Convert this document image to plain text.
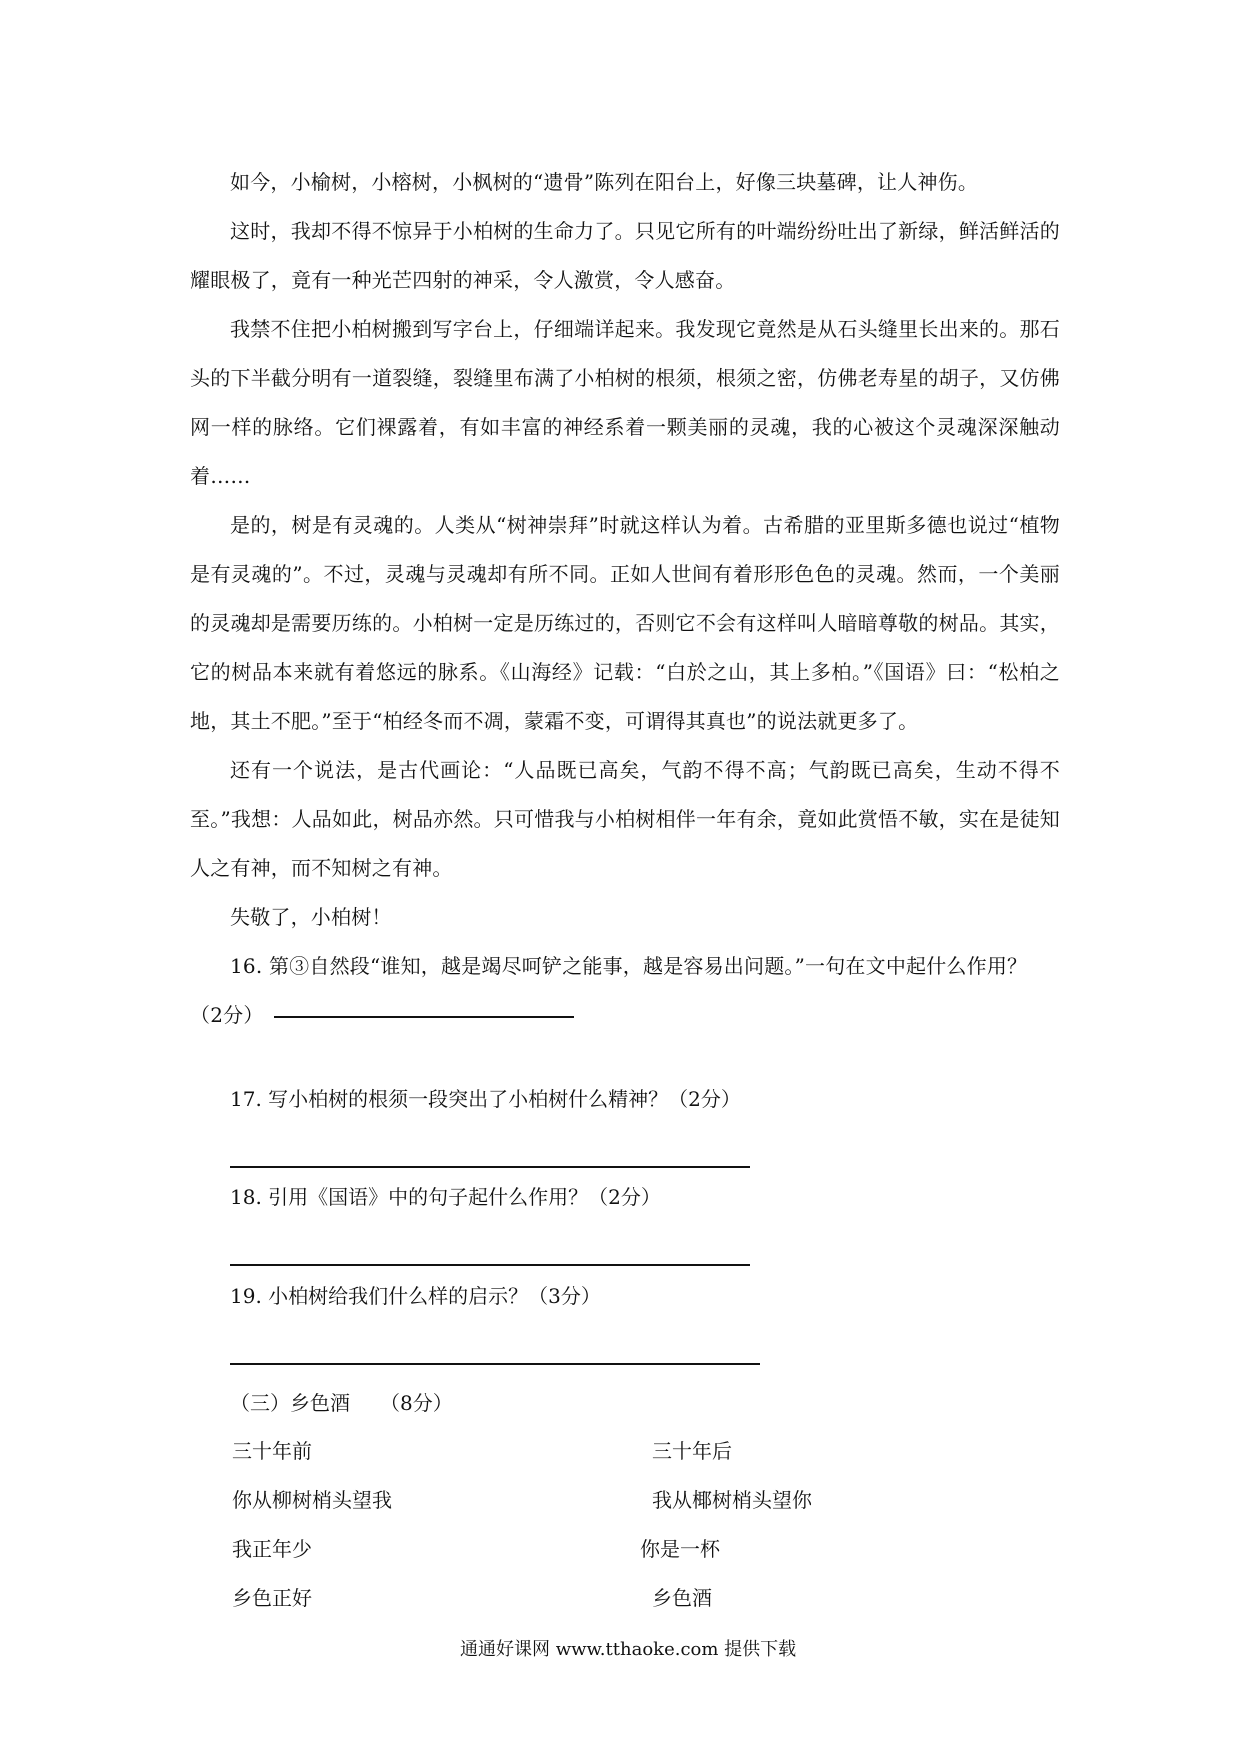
如今，小榆树，小榕树，小枫树的“遗骨”陈列在阳台上，好像三块墓碑，让人神伤。

这时，我却不得不惊异于小柏树的生命力了。只见它所有的叶端纷纷吐出了新绿，鲜活鲜活的耀眼极了，竟有一种光芒四射的神采，令人激赏，令人感奋。

我禁不住把小柏树搬到写字台上，仔细端详起来。我发现它竟然是从石头缝里长出来的。那石头的下半截分明有一道裂缝，裂缝里布满了小柏树的根须，根须之密，仿佛老寿星的胡子，又仿佛网一样的脉络。它们裸露着，有如丰富的神经系着一颗美丽的灵魂，我的心被这个灵魂深深触动着……

是的，树是有灵魂的。人类从“树神崇拜”时就这样认为着。古希腊的亚里斯多德也说过“植物是有灵魂的”。不过，灵魂与灵魂却有所不同。正如人世间有着形形色色的灵魂。然而，一个美丽的灵魂却是需要历练的。小柏树一定是历练过的，否则它不会有这样叫人暗暗尊敬的树品。其实，它的树品本来就有着悠远的脉系。《山海经》记载：“白於之山，其上多柏。”《国语》曰：“松柏之地，其土不肥。”至于“柏经冬而不凋，蒙霜不变，可谓得其真也”的说法就更多了。

还有一个说法，是古代画论：“人品既已高矣，气韵不得不高；气韵既已高矣，生动不得不至。”我想：人品如此，树品亦然。只可惜我与小柏树相伴一年有余，竟如此赏悟不敏，实在是徒知人之有神，而不知树之有神。

失敬了，小柏树！

16. 第③自然段“谁知，越是竭尽呵铲之能事，越是容易出问题。”一句在文中起什么作用？（2分）

17. 写小柏树的根须一段突出了小柏树什么精神？（2分）
18. 引用《国语》中的句子起什么作用？（2分）
19. 小柏树给我们什么样的启示？（3分）
（三）乡色酒　　（8分）
三十年前
你从柳树梢头望我
我正年少
乡色正好
三十年后
我从椰树梢头望你
你是一杯
乡色酒
通通好课网 www.tthaoke.com 提供下载
